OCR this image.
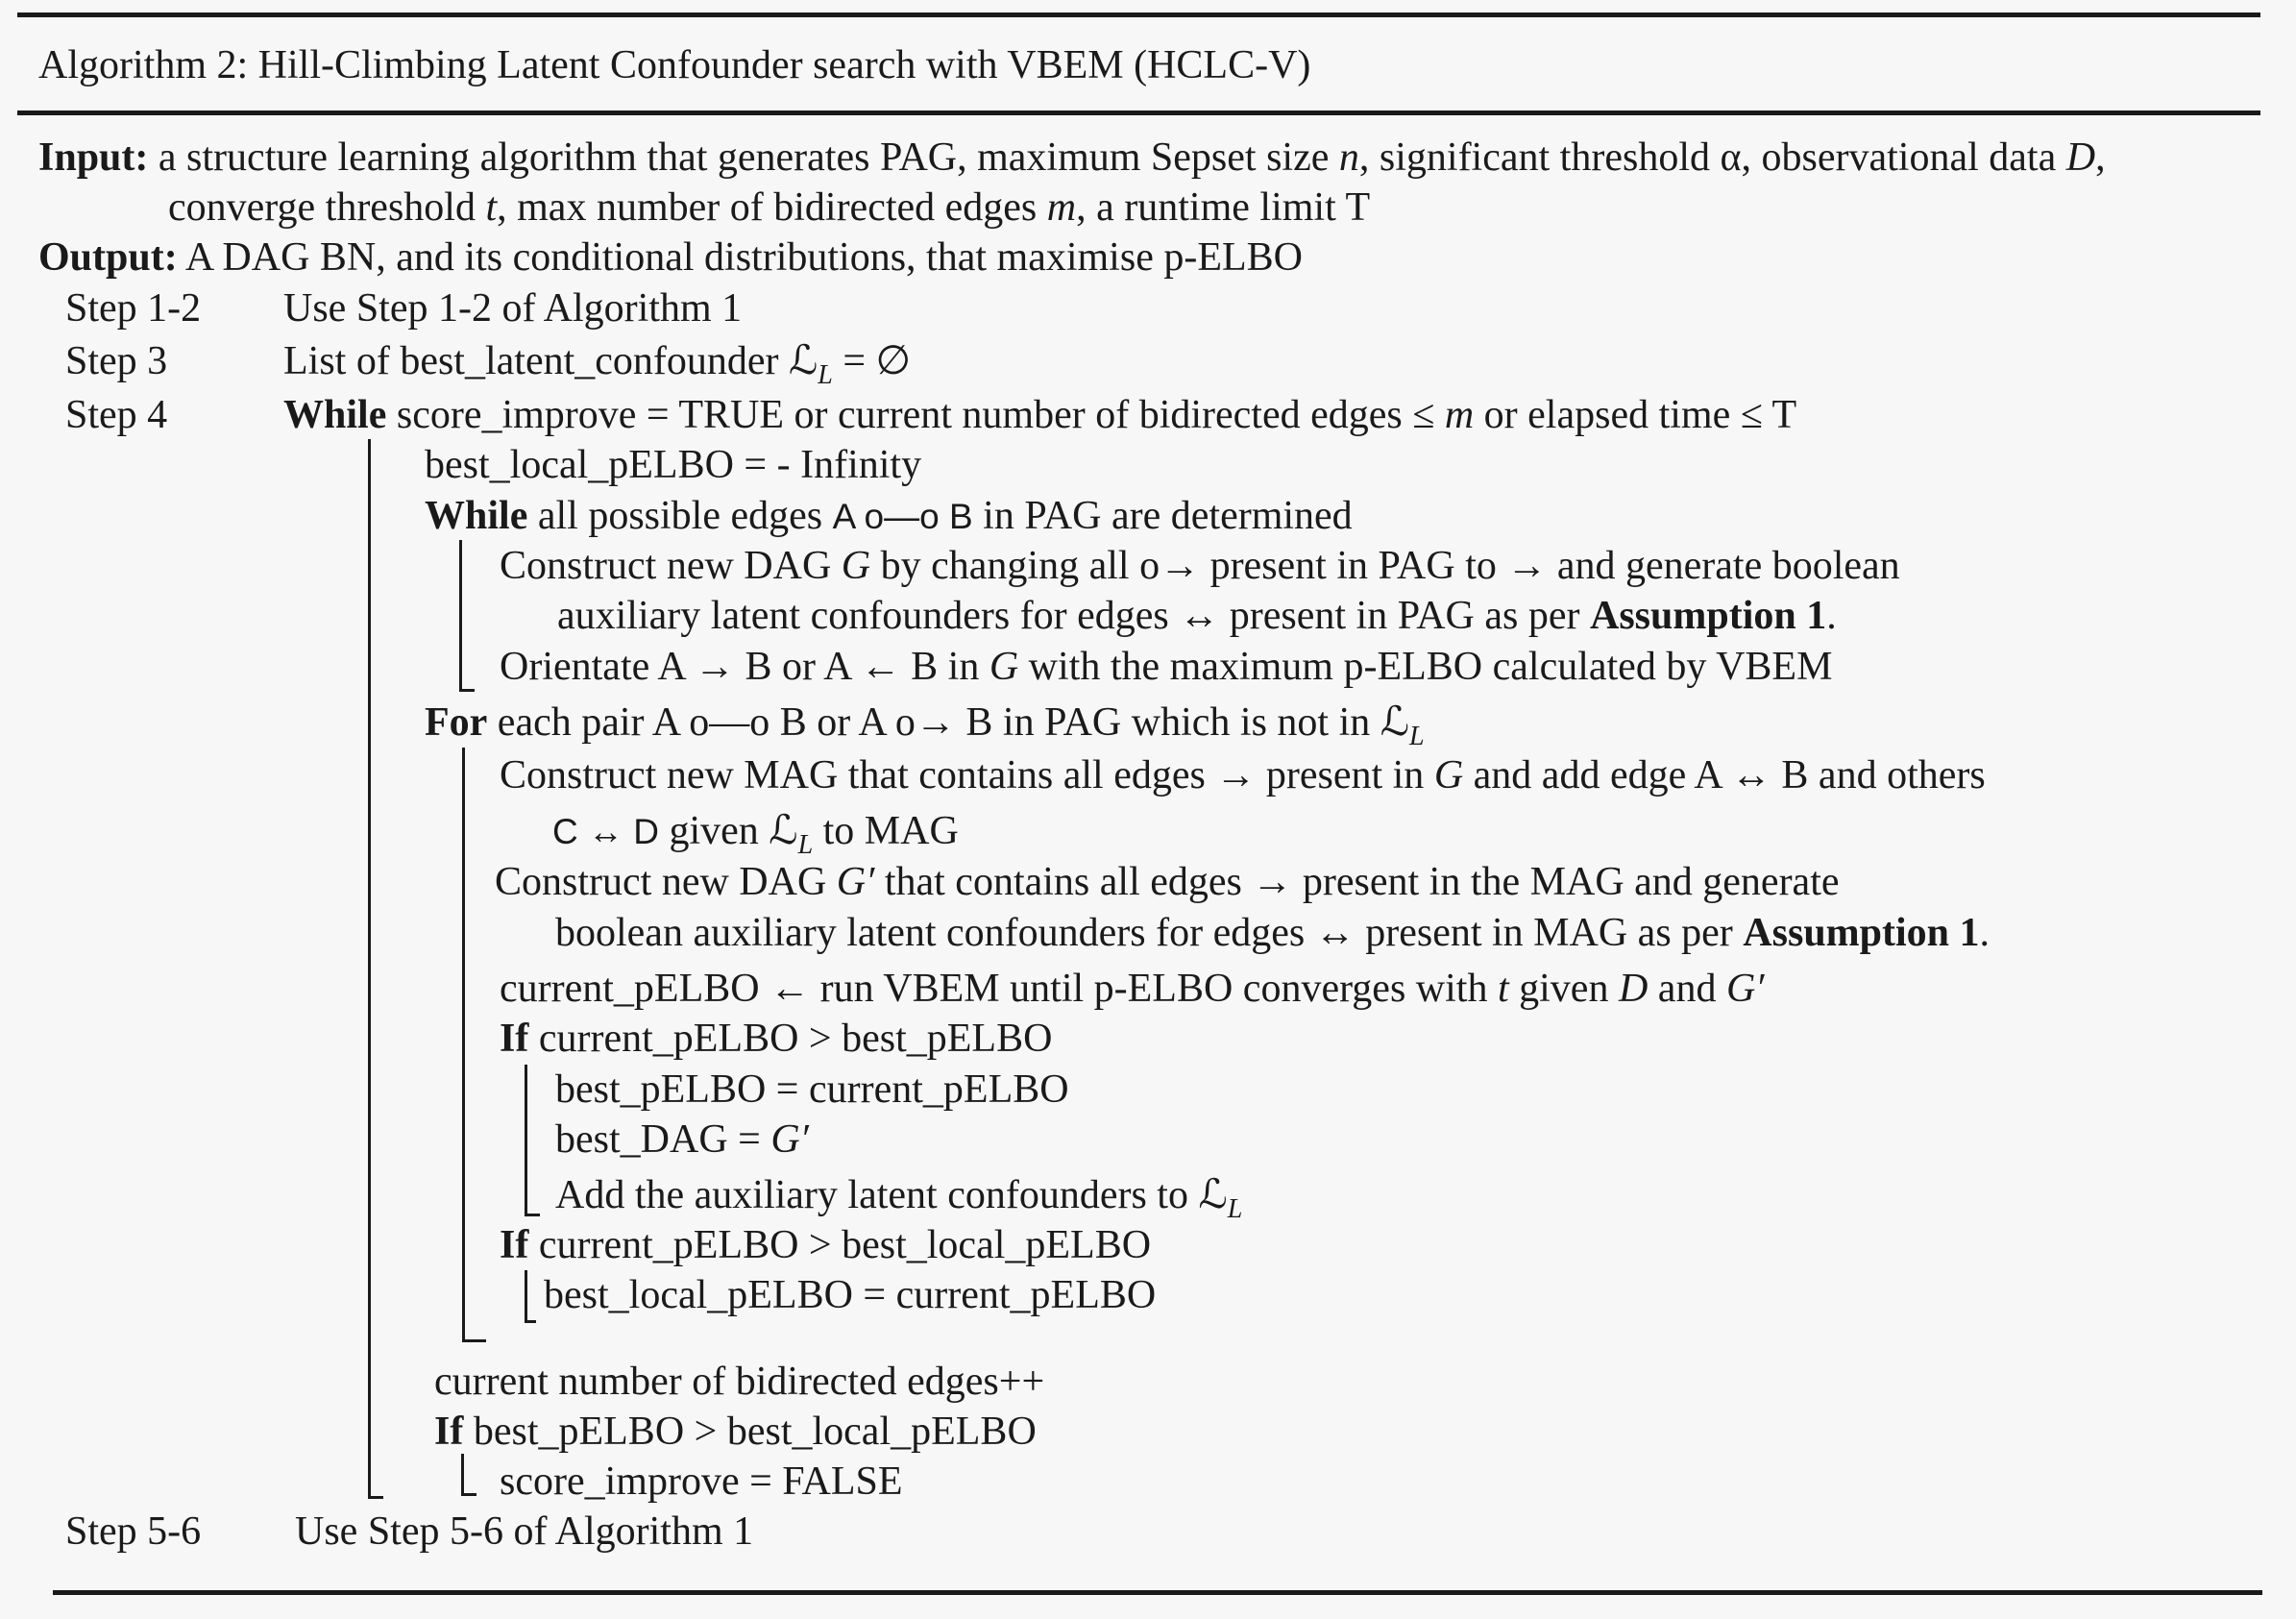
Algorithm 2: Hill-Climbing Latent Confounder search with VBEM (HCLC-V)
Input: a structure learning algorithm that generates PAG, maximum Sepset size n, significant threshold α, observational data D,
converge threshold t, max number of bidirected edges m, a runtime limit T
Output: A DAG BN, and its conditional distributions, that maximise p-ELBO
Step 1-2 Use Step 1-2 of Algorithm 1
Step 3	List of best_latent_confounder ℒ$_L$ = ∅
Step 4	While score_improve = TRUE or current number of bidirected edges ≤ m or elapsed time ≤ T
best_local_pELBO = - Infinity
While all possible edges A o—o B in PAG are determined
Construct new DAG G by changing all o→ present in PAG to → and generate boolean
auxiliary latent confounders for edges ↔ present in PAG as per Assumption 1.
Orientate A → B or A ← B in G with the maximum p-ELBO calculated by VBEM
For each pair A o—o B or A o→ B in PAG which is not in ℒ$_L$
Construct new MAG that contains all edges → present in G and add edge A ↔ B and others
C ↔ D given ℒ$_L$ to MAG
Construct new DAG G′ that contains all edges → present in the MAG and generate
boolean auxiliary latent confounders for edges ↔ present in MAG as per Assumption 1.
current_pELBO ← run VBEM until p-ELBO converges with t given D and G′
If current_pELBO > best_pELBO
best_pELBO = current_pELBO
best_DAG = G′
Add the auxiliary latent confounders to ℒ$_L$
If current_pELBO > best_local_pELBO
best_local_pELBO = current_pELBO
current number of bidirected edges++
If best_pELBO > best_local_pELBO
score_improve = FALSE
Step 5-6 Use Step 5-6 of Algorithm 1
